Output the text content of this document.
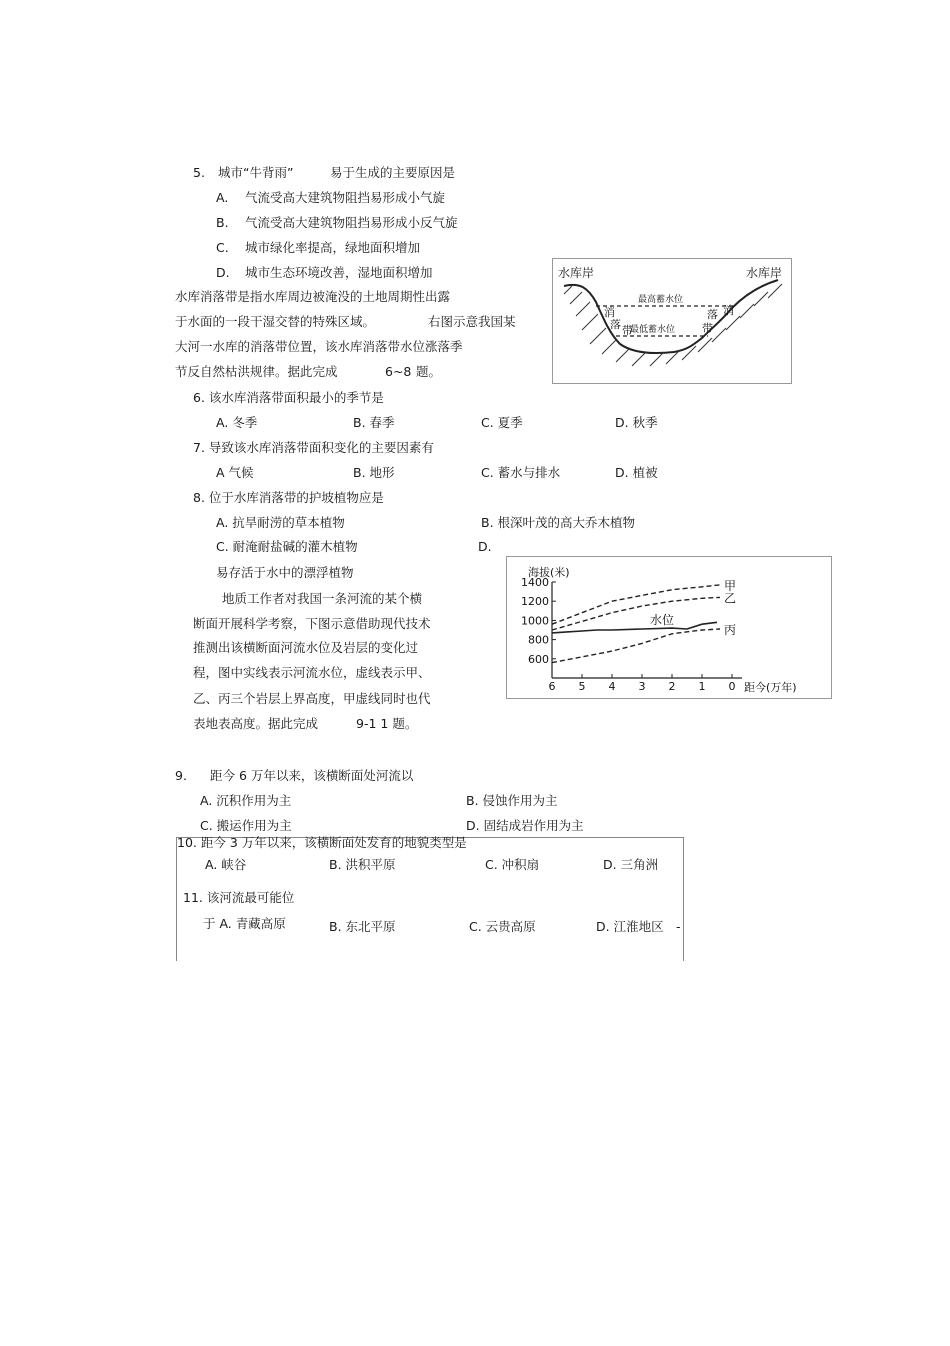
5. 城市“牛背雨”	易于生成的主要原因是
A. 气流受高大建筑物阻挡易形成小气旋
B. 气流受高大建筑物阻挡易形成小反气旋
C. 城市绿化率提高，绿地面积增加
D. 城市生态环境改善，湿地面积增加
水库消落带是指水库周边被淹没的土地周期性出露
于水面的一段干湿交替的特殊区域。	右图示意我国某
大河一水库的消落带位置，该水库消落带水位涨落季
节反自然枯洪规律。据此完成	6~8 题。
水库岸	水库岸
最高蓄水位
最低蓄水位
消
落 带
落 消
带
6. 该水库消落带面积最小的季节是
A. 冬季	B. 春季	C. 夏季	D. 秋季
7. 导致该水库消落带面积变化的主要因素有
A 气候	B. 地形	C. 蓄水与排水	D. 植被
8. 位于水库消落带的护坡植物应是
A. 抗旱耐涝的草本植物	B. 根深叶茂的高大乔木植物
C. 耐淹耐盐碱的灌木植物	D.
易存活于水中的漂浮植物
地质工作者对我国一条河流的某个横
断面开展科学考察，下图示意借助现代技术
推测出该横断面河流水位及岩层的变化过
程，图中实线表示河流水位，虚线表示甲、
乙、丙三个岩层上界高度，甲虚线同时也代
表地表高度。据此完成	9-1 1 题。
海拔(米)
距今(万年)
1400
1200
1000
800
600
6 5 4 3 2 1 0
甲
乙
丙
水位
9. 距今 6 万年以来，该横断面处河流以
A. 沉积作用为主	B. 侵蚀作用为主
C. 搬运作用为主	D. 固结成岩作用为主
10. 距今 3 万年以来，该横断面处发育的地貌类型是
A. 峡谷	B. 洪积平原	C. 冲积扇	D. 三角洲
11. 该河流最可能位
于 A. 青藏高原	B. 东北平原	C. 云贵高原	D. 江淮地区 -
